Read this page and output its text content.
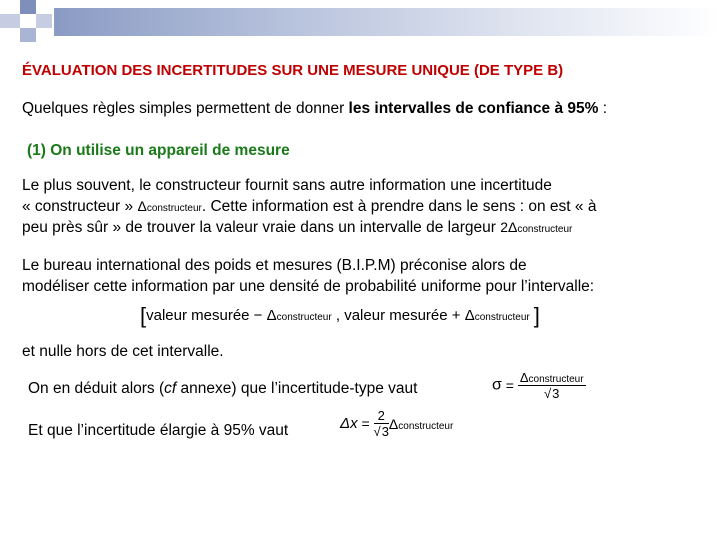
ÉVALUATION DES INCERTITUDES SUR UNE MESURE UNIQUE (DE TYPE B)
Quelques règles simples permettent de donner les intervalles de confiance à 95% :
(1) On utilise un appareil de mesure
Le plus souvent, le constructeur fournit sans autre information une incertitude
« constructeur » Δconstructeur. Cette information est à prendre dans le sens : on est « à
peu près sûr » de trouver la valeur vraie dans un intervalle de largeur 2Δconstructeur
Le bureau international des poids et mesures (B.I.P.M) préconise alors de
modéliser cette information par une densité de probabilité uniforme pour l’intervalle:
[valeur mesurée − Δconstructeur , valeur mesurée + Δconstructeur ]
et nulle hors de cet intervalle.
On en déduit alors (cf annexe) que l’incertitude-type vaut	$\sigma = \frac{\text{Δconstructeur}}{√3}$
Et que l’incertitude élargie à 95% vaut	$\Delta x = \frac{2}{√3}$ Δconstructeur
